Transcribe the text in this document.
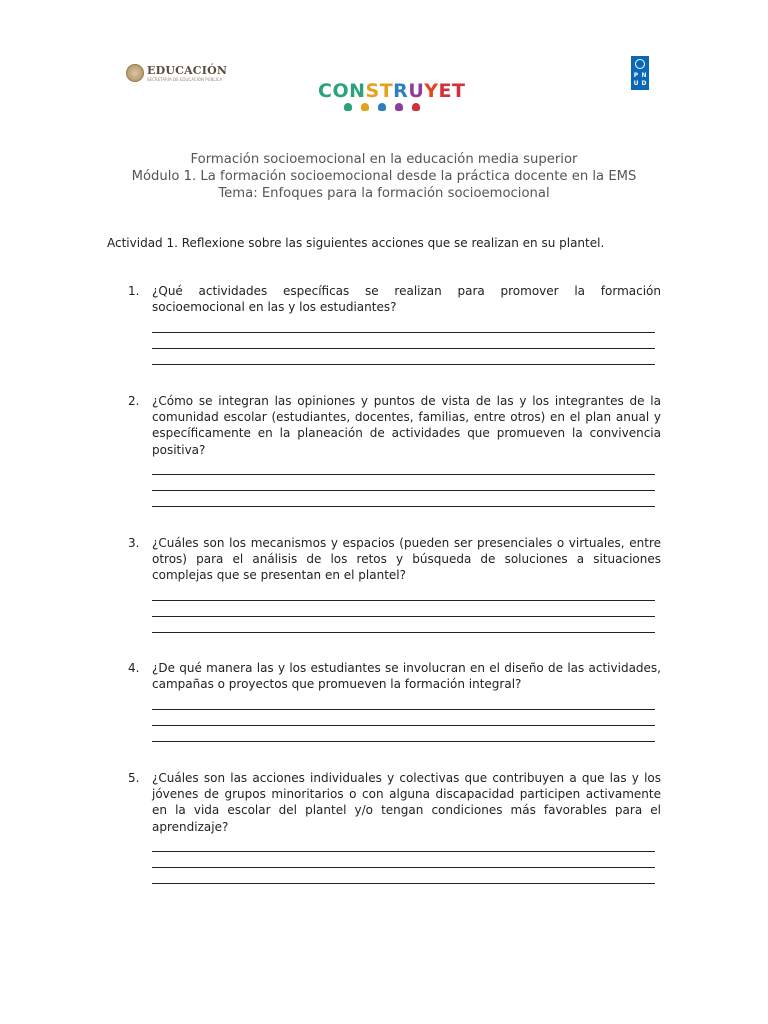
EDUCACIÓN
SECRETARÍA DE EDUCACIÓN PÚBLICA
CONSTRUYET
P N
U D
Formación socioemocional en la educación media superior
Módulo 1. La formación socioemocional desde la práctica docente en la EMS
Tema: Enfoques para la formación socioemocional
Actividad 1. Reflexione sobre las siguientes acciones que se realizan en su plantel.
1.	¿Qué actividades específicas se realizan para promover la formación socioemocional en las y los estudiantes?
2.	¿Cómo se integran las opiniones y puntos de vista de las y los integrantes de la comunidad escolar (estudiantes, docentes, familias, entre otros) en el plan anual y específicamente en la planeación de actividades que promueven la convivencia positiva?
3.	¿Cuáles son los mecanismos y espacios (pueden ser presenciales o virtuales, entre otros) para el análisis de los retos y búsqueda de soluciones a situaciones complejas que se presentan en el plantel?
4.	¿De qué manera las y los estudiantes se involucran en el diseño de las actividades, campañas o proyectos que promueven la formación integral?
5.	¿Cuáles son las acciones individuales y colectivas que contribuyen a que las y los jóvenes de grupos minoritarios o con alguna discapacidad participen activamente en la vida escolar del plantel y/o tengan condiciones más favorables para el aprendizaje?
